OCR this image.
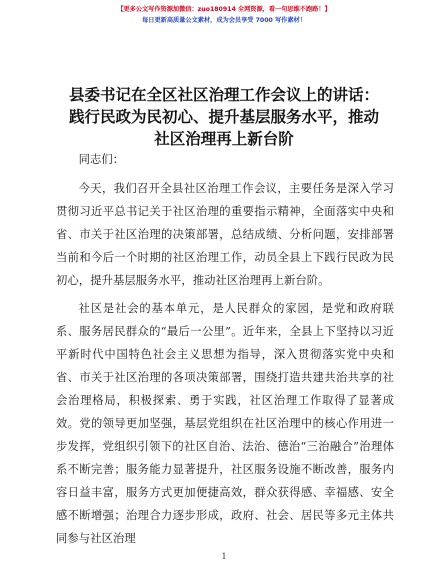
【更多公文写作资源加微信：zuo180914 全网资源，看一句思维不跑路！】
每日更新高质量公文素材，成为会员享受 7000 写作素材！
县委书记在全区社区治理工作会议上的讲话：
践行民政为民初心、提升基层服务水平，推动
社区治理再上新台阶

同志们：

今天，我们召开全县社区治理工作会议，主要任务是深入学习贯彻习近平总书记关于社区治理的重要指示精神，全面落实中央和省、市关于社区治理的决策部署，总结成绩、分析问题，安排部署当前和今后一个时期的社区治理工作，动员全县上下践行民政为民初心，提升基层服务水平，推动社区治理再上新台阶。

社区是社会的基本单元，是人民群众的家园，是党和政府联系、服务居民群众的“最后一公里”。近年来，全县上下坚持以习近平新时代中国特色社会主义思想为指导，深入贯彻落实党中央和省、市关于社区治理的各项决策部署，围绕打造共建共治共享的社会治理格局，积极探索、勇于实践，社区治理工作取得了显著成效。党的领导更加坚强，基层党组织在社区治理中的核心作用进一步发挥，党组织引领下的社区自治、法治、德治“三治融合”治理体系不断完善；服务能力显著提升，社区服务设施不断改善，服务内容日益丰富，服务方式更加便捷高效，群众获得感、幸福感、安全感不断增强；治理合力逐步形成，政府、社会、居民等多元主体共同参与社区治理

1
